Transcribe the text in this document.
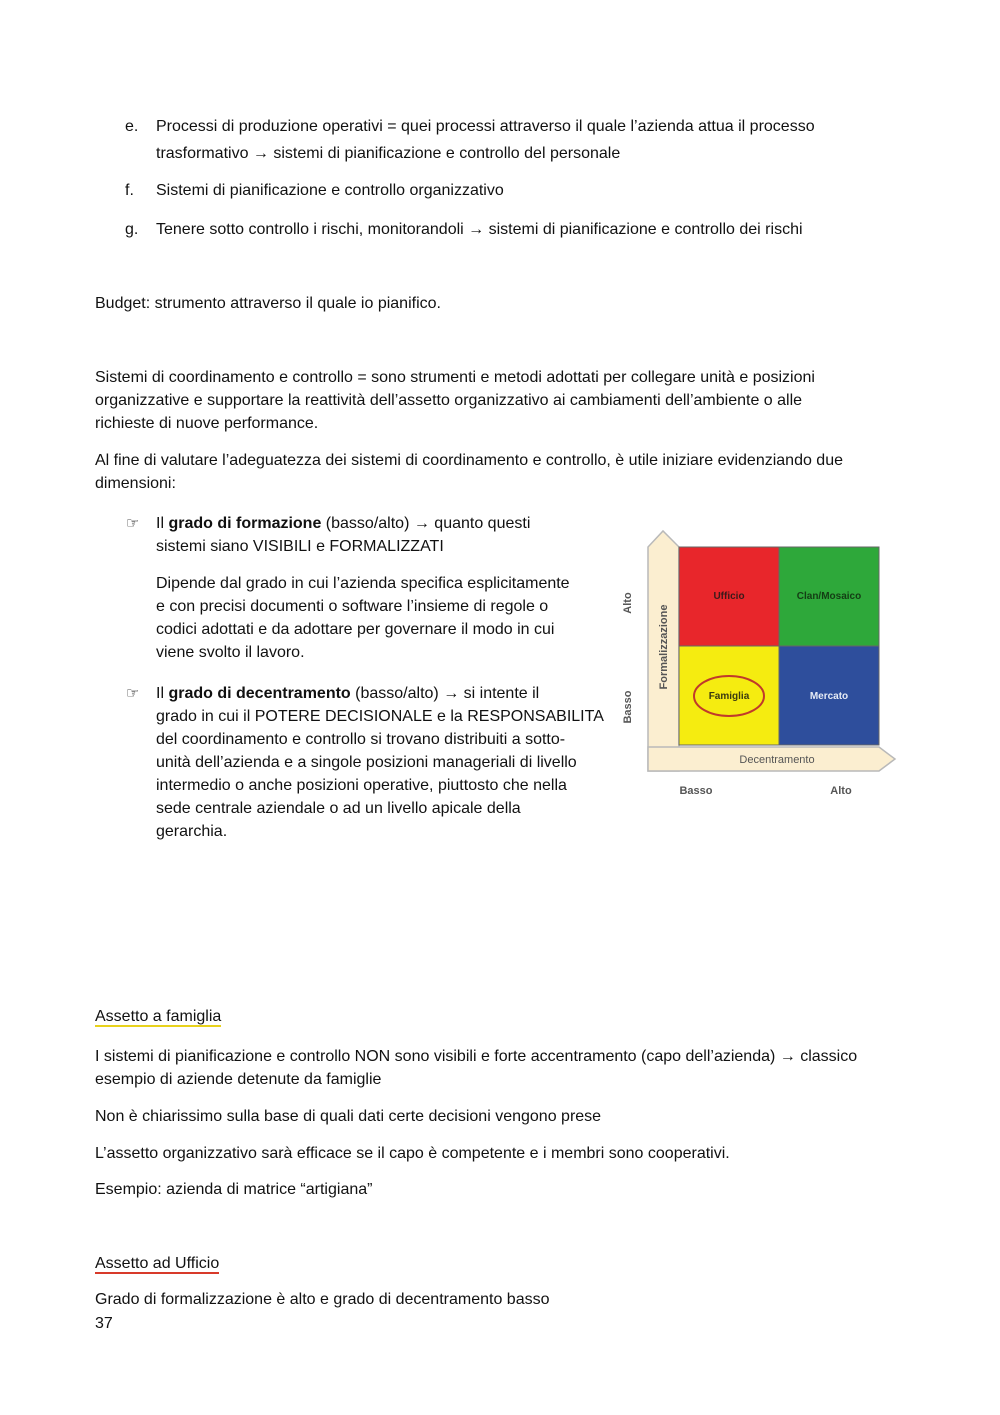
e. Processi di produzione operativi = quei processi attraverso il quale l’azienda attua il processo
trasformativo → sistemi di pianificazione e controllo del personale
f. Sistemi di pianificazione e controllo organizzativo
g. Tenere sotto controllo i rischi, monitorandoli → sistemi di pianificazione e controllo dei rischi
Budget: strumento attraverso il quale io pianifico.
Sistemi di coordinamento e controllo = sono strumenti e metodi adottati per collegare unità e posizioni
organizzative e supportare la reattività dell’assetto organizzativo ai cambiamenti dell’ambiente o alle
richieste di nuove performance.
Al fine di valutare l’adeguatezza dei sistemi di coordinamento e controllo, è utile iniziare evidenziando due
dimensioni:
☞ Il grado di formazione (basso/alto) → quanto questi
sistemi siano VISIBILI e FORMALIZZATI
Dipende dal grado in cui l’azienda specifica esplicitamente
e con precisi documenti o software l’insieme di regole o
codici adottati e da adottare per governare il modo in cui
viene svolto il lavoro.
☞ Il grado di decentramento (basso/alto) → si intente il
grado in cui il POTERE DECISIONALE e la RESPONSABILITA
del coordinamento e controllo si trovano distribuiti a sotto-
unità dell’azienda e a singole posizioni manageriali di livello
intermedio o anche posizioni operative, piuttosto che nella
sede centrale aziendale o ad un livello apicale della
gerarchia.
Ufficio	Clan/Mosaico
Famiglia	Mercato
Formalizzazione
Decentramento
Alto
Basso
Basso	Alto
Assetto a famiglia
I sistemi di pianificazione e controllo NON sono visibili e forte accentramento (capo dell’azienda) → classico
esempio di aziende detenute da famiglie
Non è chiarissimo sulla base di quali dati certe decisioni vengono prese
L’assetto organizzativo sarà efficace se il capo è competente e i membri sono cooperativi.
Esempio: azienda di matrice “artigiana”
Assetto ad Ufficio
Grado di formalizzazione è alto e grado di decentramento basso
37
